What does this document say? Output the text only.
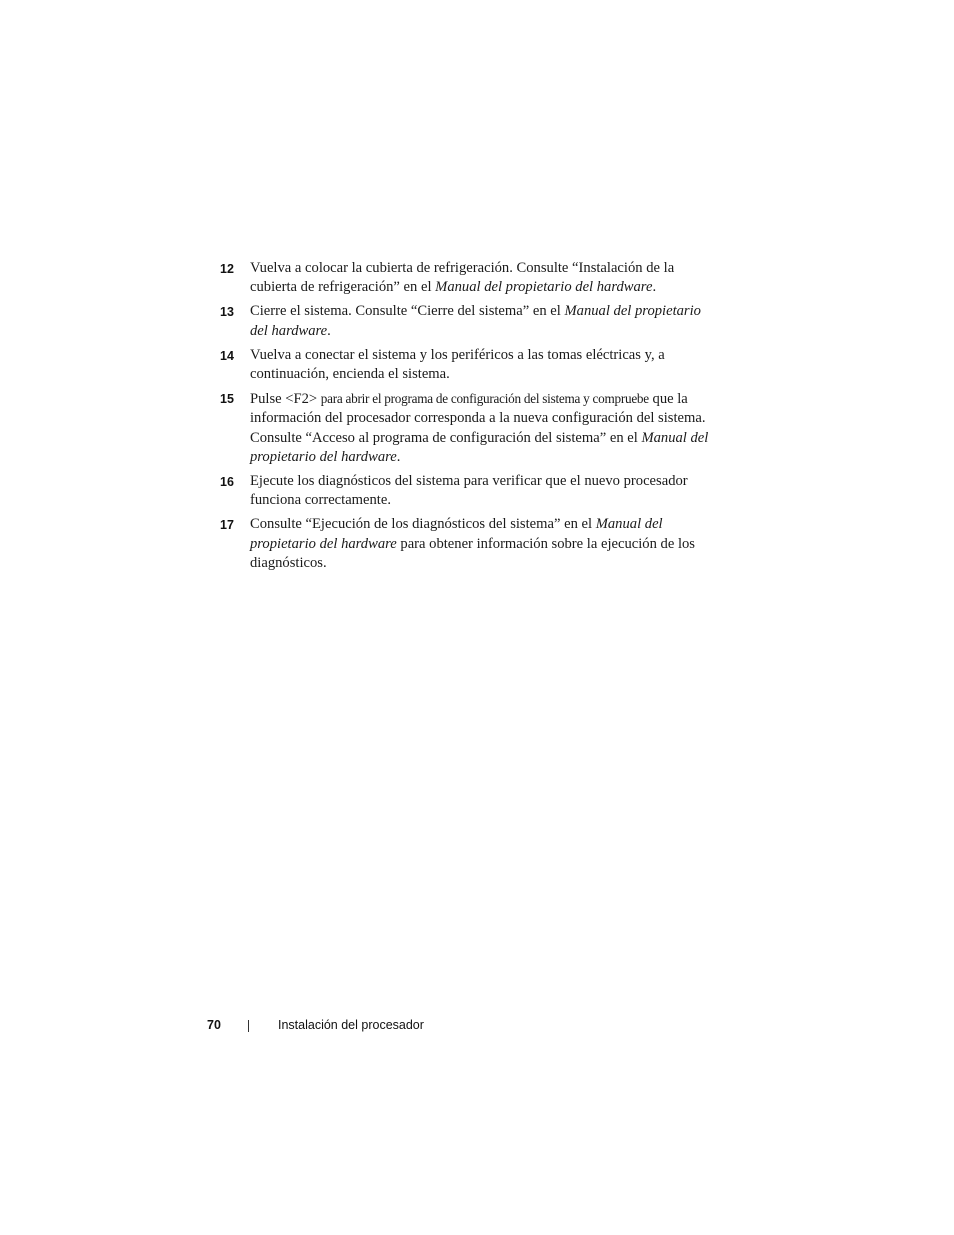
12 Vuelva a colocar la cubierta de refrigeración. Consulte “Instalación de la cubierta de refrigeración” en el Manual del propietario del hardware.
13 Cierre el sistema. Consulte “Cierre del sistema” en el Manual del propietario del hardware.
14 Vuelva a conectar el sistema y los periféricos a las tomas eléctricas y, a continuación, encienda el sistema.
15 Pulse <F2> para abrir el programa de configuración del sistema y compruebe que la información del procesador corresponda a la nueva configuración del sistema. Consulte “Acceso al programa de configuración del sistema” en el Manual del propietario del hardware.
16 Ejecute los diagnósticos del sistema para verificar que el nuevo procesador funciona correctamente.
17 Consulte “Ejecución de los diagnósticos del sistema” en el Manual del propietario del hardware para obtener información sobre la ejecución de los diagnósticos.
70	Instalación del procesador
